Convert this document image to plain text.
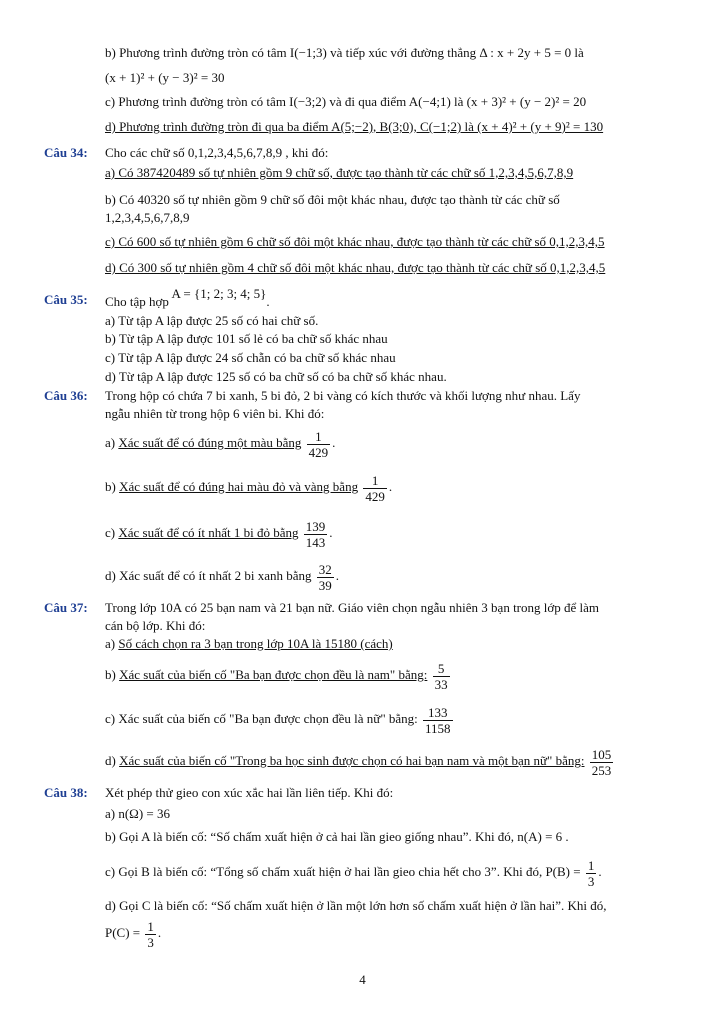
b) Phương trình đường tròn có tâm I(−1;3) và tiếp xúc với đường thẳng Δ : x + 2y + 5 = 0 là
(x + 1)² + (y − 3)² = 30
c) Phương trình đường tròn có tâm I(−3;2) và đi qua điểm A(−4;1) là (x + 3)² + (y − 2)² = 20
d) Phương trình đường tròn đi qua ba điểm A(5;−2), B(3;0), C(−1;2) là (x + 4)² + (y + 9)² = 130
Câu 34: Cho các chữ số 0,1,2,3,4,5,6,7,8,9 , khi đó:
a) Có 387420489 số tự nhiên gồm 9 chữ số, được tạo thành từ các chữ số 1,2,3,4,5,6,7,8,9
b) Có 40320 số tự nhiên gồm 9 chữ số đôi một khác nhau, được tạo thành từ các chữ số
1,2,3,4,5,6,7,8,9
c) Có 600 số tự nhiên gồm 6 chữ số đôi một khác nhau, được tạo thành từ các chữ số 0,1,2,3,4,5
d) Có 300 số tự nhiên gồm 4 chữ số đôi một khác nhau, được tạo thành từ các chữ số 0,1,2,3,4,5
Câu 35: Cho tập hợp A = {1; 2; 3; 4; 5}.
a) Từ tập A lập được 25 số có hai chữ số.
b) Từ tập A lập được 101 số lẻ có ba chữ số khác nhau
c) Từ tập A lập được 24 số chẵn có ba chữ số khác nhau
d) Từ tập A lập được 125 số có ba chữ số có ba chữ số khác nhau.
Câu 36: Trong hộp có chứa 7 bi xanh, 5 bi đỏ, 2 bi vàng có kích thước và khối lượng như nhau. Lấy
ngẫu nhiên từ trong hộp 6 viên bi. Khi đó:
a) Xác suất để có đúng một màu bằng $\frac{1}{429}$ .
b) Xác suất để có đúng hai màu đỏ và vàng bằng $\frac{1}{429}$ .
c) Xác suất để có ít nhất 1 bi đỏ bằng $\frac{139}{143}$ .
d) Xác suất để có ít nhất 2 bi xanh bằng $\frac{32}{39}$ .
Câu 37: Trong lớp 10A có 25 bạn nam và 21 bạn nữ. Giáo viên chọn ngẫu nhiên 3 bạn trong lớp để làm
cán bộ lớp. Khi đó:
a) Số cách chọn ra 3 bạn trong lớp 10A là 15180 (cách)
b) Xác suất của biến cố "Ba bạn được chọn đều là nam" bằng: $\frac{5}{33}$
c) Xác suất của biến cố "Ba bạn được chọn đều là nữ" bằng: $\frac{133}{1158}$
d) Xác suất của biến cố "Trong ba học sinh được chọn có hai bạn nam và một bạn nữ" bằng: $\frac{105}{253}$
Câu 38: Xét phép thử gieo con xúc xắc hai lần liên tiếp. Khi đó:
a) n(Ω) = 36
b) Gọi A là biến cố: “Số chấm xuất hiện ở cả hai lần gieo giống nhau”. Khi đó, n(A) = 6 .
c) Gọi B là biến cố: “Tổng số chấm xuất hiện ở hai lần gieo chia hết cho 3”. Khi đó, $P(B) = \frac{1}{3}$ .
d) Gọi C là biến cố: “Số chấm xuất hiện ở lần một lớn hơn số chấm xuất hiện ở lần hai”. Khi đó,
$P(C) = \frac{1}{3}$ .
4
